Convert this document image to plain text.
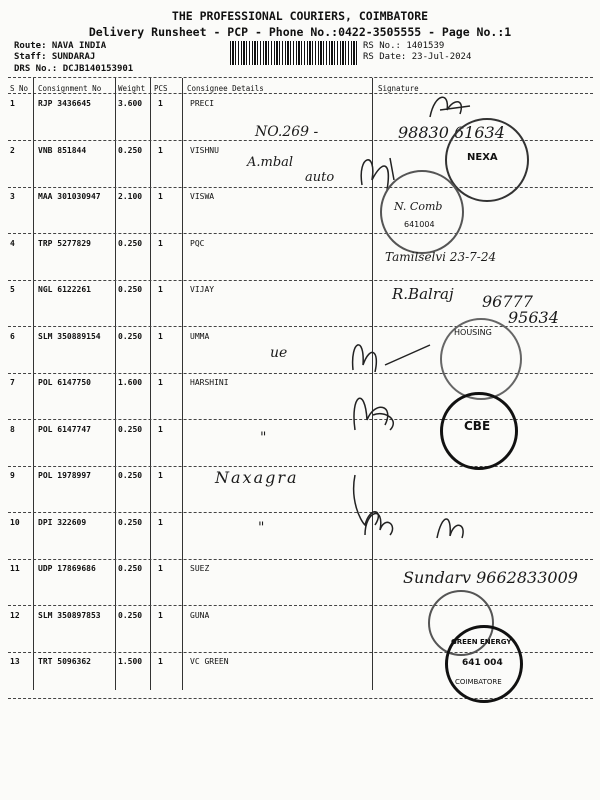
THE PROFESSIONAL COURIERS, COIMBATORE
Delivery Runsheet - PCP - Phone No.:0422-3505555 - Page No.:1
Route: NAVA INDIA
Staff: SUNDARAJ
DRS No.: DCJB140153901
RS No.: 1401539
RS Date: 23-Jul-2024
S No Consignment No Weight PCS	Consignee Details	Signature
1	RJP 3436645	3.600 1	PRECI
2	VNB 851844	0.250 1	VISHNU
3	MAA 301030947 2.100 1	VISWA
4	TRP 5277829	0.250 1	PQC
5	NGL 6122261	0.250 1	VIJAY
6	SLM 350889154 0.250 1	UMMA
7	POL 6147750	1.600 1	HARSHINI
8	POL 6147747	0.250 1
9	POL 1978997	0.250 1
10 DPI 322609	0.250 1
11 UDP 17869686	0.250 1	SUEZ
12 SLM 350897853 0.250 1	GUNA
13 TRT 5096362	1.500 1	VC GREEN
NO.269 -	98830 61634
A.mbal
auto
NEXA
N. Comb
641004
Tamilselvi 23-7-24
R.Balraj 96777
95634
ue
HOUSING
CBE
"
Naxagra
"
Sundarv 9662833009
GREEN ENERGY
641 004
COIMBATORE
